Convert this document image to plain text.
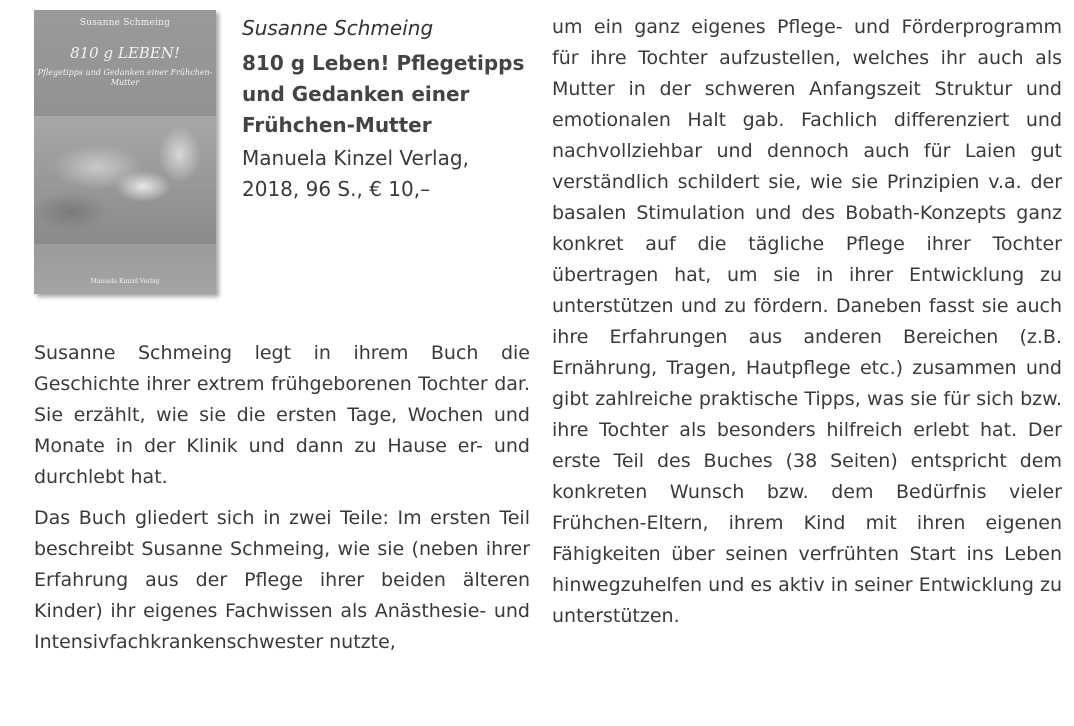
Susanne Schmeing
810 g LEBEN!
Pflegetipps und Gedanken einer Frühchen-Mutter
Manuela Kinzel Verlag

Susanne Schmeing

810 g Leben! Pflegetipps und Gedanken einer Frühchen-Mutter

Manuela Kinzel Verlag,

2018, 96 S., € 10,–

Susanne Schmeing legt in ihrem Buch die Geschichte ihrer extrem frühgeborenen Tochter dar. Sie erzählt, wie sie die ersten Tage, Wochen und Monate in der Klinik und dann zu Hause er- und durchlebt hat.

Das Buch gliedert sich in zwei Teile: Im ersten Teil beschreibt Susanne Schmeing, wie sie (neben ihrer Erfahrung aus der Pflege ihrer beiden älteren Kinder) ihr eigenes Fachwissen als Anästhesie- und Intensivfachkrankenschwester nutzte,

um ein ganz eigenes Pflege- und Förderprogramm für ihre Tochter aufzustellen, welches ihr auch als Mutter in der schweren Anfangszeit Struktur und emotionalen Halt gab. Fachlich differenziert und nachvollziehbar und dennoch auch für Laien gut verständlich schildert sie, wie sie Prinzipien v.a. der basalen Stimulation und des Bobath-Konzepts ganz konkret auf die tägliche Pflege ihrer Tochter übertragen hat, um sie in ihrer Entwicklung zu unterstützen und zu fördern. Daneben fasst sie auch ihre Erfahrungen aus anderen Bereichen (z.B. Ernährung, Tragen, Hautpflege etc.) zusammen und gibt zahlreiche praktische Tipps, was sie für sich bzw. ihre Tochter als besonders hilfreich erlebt hat. Der erste Teil des Buches (38 Seiten) entspricht dem konkreten Wunsch bzw. dem Bedürfnis vieler Frühchen-Eltern, ihrem Kind mit ihren eigenen Fähigkeiten über seinen verfrühten Start ins Leben hinwegzuhelfen und es aktiv in seiner Entwicklung zu unterstützen.
